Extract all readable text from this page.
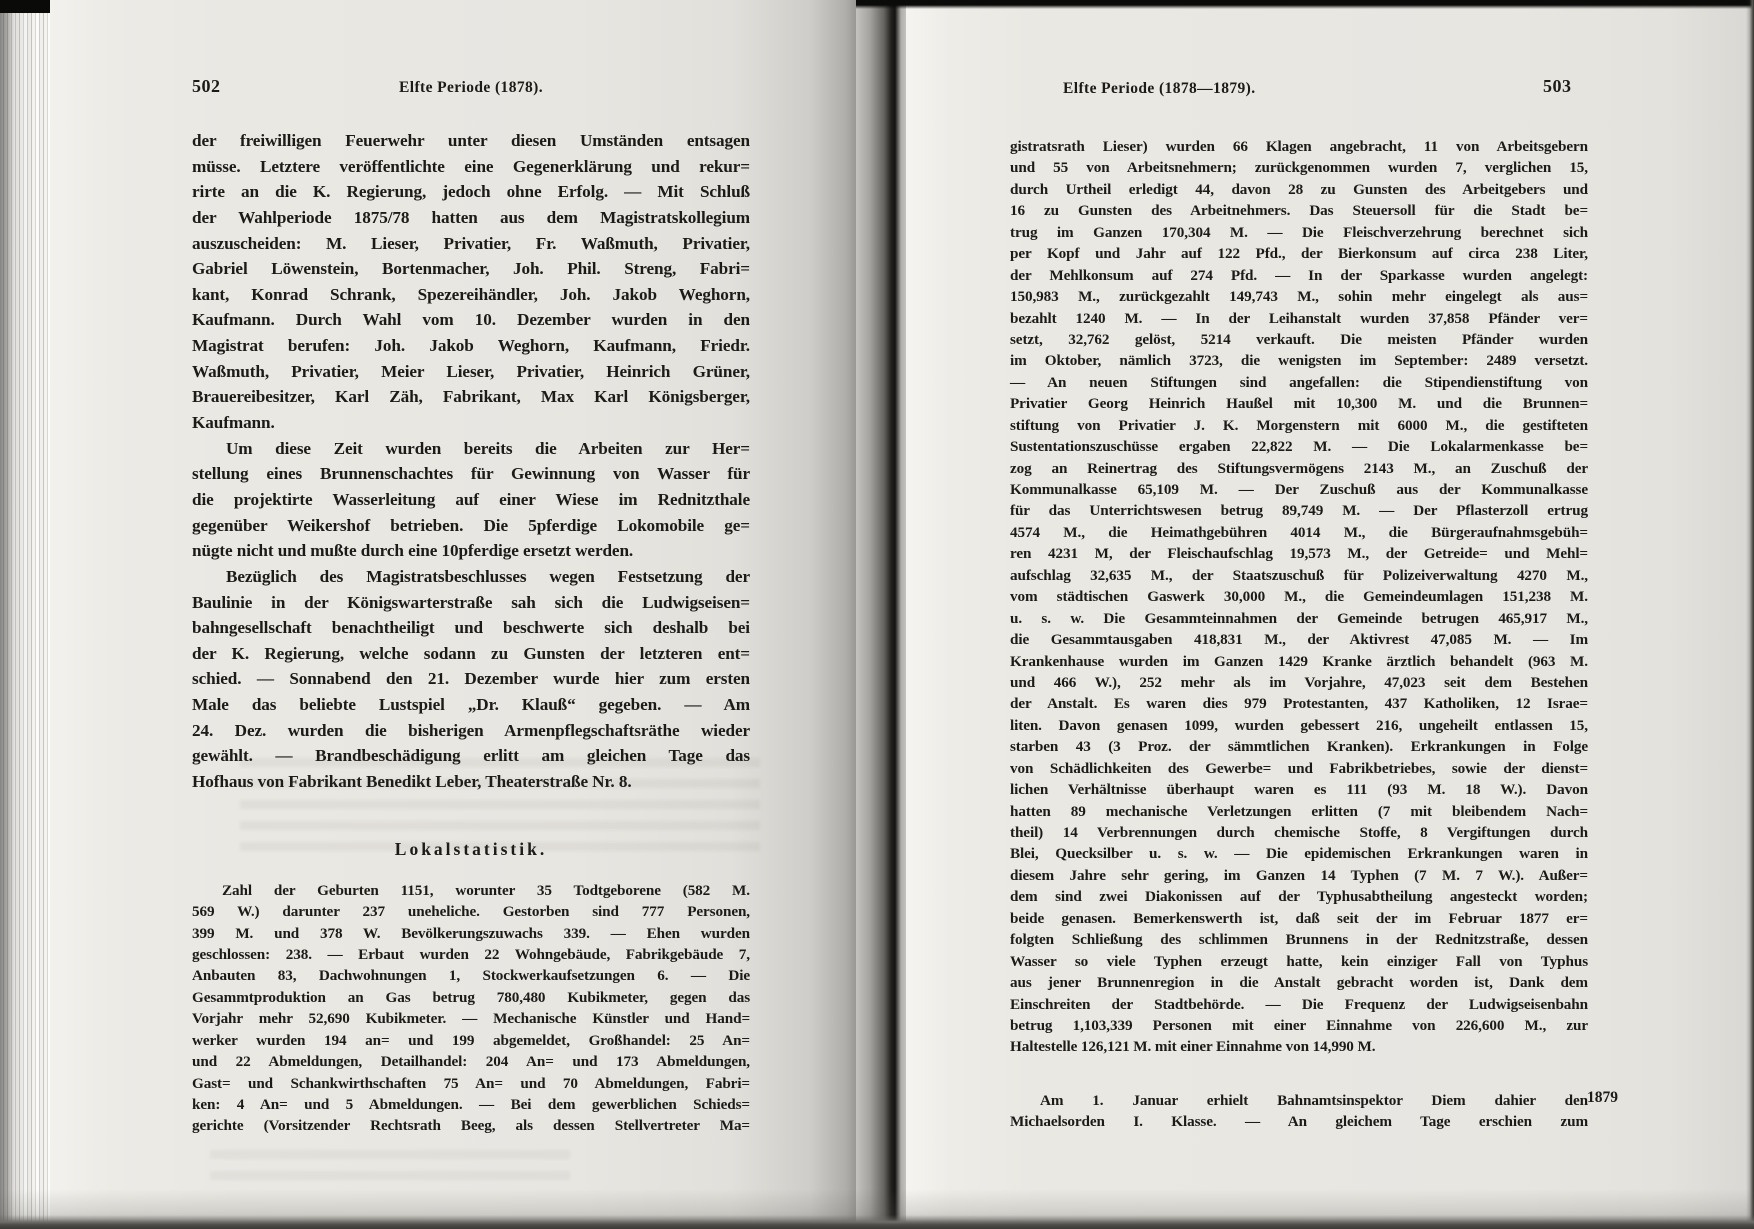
502	Elfte Periode (1878).
der freiwilligen Feuerwehr unter diesen Umständen entsagen
müsse. Letztere veröffentlichte eine Gegenerklärung und rekur=
rirte an die K. Regierung, jedoch ohne Erfolg. — Mit Schluß
der Wahlperiode 1875/78 hatten aus dem Magistratskollegium
auszuscheiden: M. Lieser, Privatier, Fr. Waßmuth, Privatier,
Gabriel Löwenstein, Bortenmacher, Joh. Phil. Streng, Fabri=
kant, Konrad Schrank, Spezereihändler, Joh. Jakob Weghorn,
Kaufmann. Durch Wahl vom 10. Dezember wurden in den
Magistrat berufen: Joh. Jakob Weghorn, Kaufmann, Friedr.
Waßmuth, Privatier, Meier Lieser, Privatier, Heinrich Grüner,
Brauereibesitzer, Karl Zäh, Fabrikant, Max Karl Königsberger,
Kaufmann.
Um diese Zeit wurden bereits die Arbeiten zur Her=
stellung eines Brunnenschachtes für Gewinnung von Wasser für
die projektirte Wasserleitung auf einer Wiese im Rednitzthale
gegenüber Weikershof betrieben. Die 5pferdige Lokomobile ge=
nügte nicht und mußte durch eine 10pferdige ersetzt werden.
Bezüglich des Magistratsbeschlusses wegen Festsetzung der
Baulinie in der Königswarterstraße sah sich die Ludwigseisen=
bahngesellschaft benachtheiligt und beschwerte sich deshalb bei
der K. Regierung, welche sodann zu Gunsten der letzteren ent=
schied. — Sonnabend den 21. Dezember wurde hier zum ersten
Male das beliebte Lustspiel „Dr. Klauß“ gegeben. — Am
24. Dez. wurden die bisherigen Armenpflegschaftsräthe wieder
gewählt. — Brandbeschädigung erlitt am gleichen Tage das
Hofhaus von Fabrikant Benedikt Leber, Theaterstraße Nr. 8.
Lokalstatistik.
Zahl der Geburten 1151, worunter 35 Todtgeborene (582 M.
569 W.) darunter 237 uneheliche. Gestorben sind 777 Personen,
399 M. und 378 W. Bevölkerungszuwachs 339. — Ehen wurden
geschlossen: 238. — Erbaut wurden 22 Wohngebäude, Fabrikgebäude 7,
Anbauten 83, Dachwohnungen 1, Stockwerkaufsetzungen 6. — Die
Gesammtproduktion an Gas betrug 780,480 Kubikmeter, gegen das
Vorjahr mehr 52,690 Kubikmeter. — Mechanische Künstler und Hand=
werker wurden 194 an= und 199 abgemeldet, Großhandel: 25 An=
und 22 Abmeldungen, Detailhandel: 204 An= und 173 Abmeldungen,
Gast= und Schankwirthschaften 75 An= und 70 Abmeldungen, Fabri=
ken: 4 An= und 5 Abmeldungen. — Bei dem gewerblichen Schieds=
gerichte (Vorsitzender Rechtsrath Beeg, als dessen Stellvertreter Ma=
Elfte Periode (1878—1879).	503
gistratsrath Lieser) wurden 66 Klagen angebracht, 11 von Arbeitsgebern
und 55 von Arbeitsnehmern; zurückgenommen wurden 7, verglichen 15,
durch Urtheil erledigt 44, davon 28 zu Gunsten des Arbeitgebers und
16 zu Gunsten des Arbeitnehmers. Das Steuersoll für die Stadt be=
trug im Ganzen 170,304 M. — Die Fleischverzehrung berechnet sich
per Kopf und Jahr auf 122 Pfd., der Bierkonsum auf circa 238 Liter,
der Mehlkonsum auf 274 Pfd. — In der Sparkasse wurden angelegt:
150,983 M., zurückgezahlt 149,743 M., sohin mehr eingelegt als aus=
bezahlt 1240 M. — In der Leihanstalt wurden 37,858 Pfänder ver=
setzt, 32,762 gelöst, 5214 verkauft. Die meisten Pfänder wurden
im Oktober, nämlich 3723, die wenigsten im September: 2489 versetzt.
— An neuen Stiftungen sind angefallen: die Stipendienstiftung von
Privatier Georg Heinrich Haußel mit 10,300 M. und die Brunnen=
stiftung von Privatier J. K. Morgenstern mit 6000 M., die gestifteten
Sustentationszuschüsse ergaben 22,822 M. — Die Lokalarmenkasse be=
zog an Reinertrag des Stiftungsvermögens 2143 M., an Zuschuß der
Kommunalkasse 65,109 M. — Der Zuschuß aus der Kommunalkasse
für das Unterrichtswesen betrug 89,749 M. — Der Pflasterzoll ertrug
4574 M., die Heimathgebühren 4014 M., die Bürgeraufnahmsgebüh=
ren 4231 M, der Fleischaufschlag 19,573 M., der Getreide= und Mehl=
aufschlag 32,635 M., der Staatszuschuß für Polizeiverwaltung 4270 M.,
vom städtischen Gaswerk 30,000 M., die Gemeindeumlagen 151,238 M.
u. s. w. Die Gesammteinnahmen der Gemeinde betrugen 465,917 M.,
die Gesammtausgaben 418,831 M., der Aktivrest 47,085 M. — Im
Krankenhause wurden im Ganzen 1429 Kranke ärztlich behandelt (963 M.
und 466 W.), 252 mehr als im Vorjahre, 47,023 seit dem Bestehen
der Anstalt. Es waren dies 979 Protestanten, 437 Katholiken, 12 Israe=
liten. Davon genasen 1099, wurden gebessert 216, ungeheilt entlassen 15,
starben 43 (3 Proz. der sämmtlichen Kranken). Erkrankungen in Folge
von Schädlichkeiten des Gewerbe= und Fabrikbetriebes, sowie der dienst=
lichen Verhältnisse überhaupt waren es 111 (93 M. 18 W.). Davon
hatten 89 mechanische Verletzungen erlitten (7 mit bleibendem Nach=
theil) 14 Verbrennungen durch chemische Stoffe, 8 Vergiftungen durch
Blei, Quecksilber u. s. w. — Die epidemischen Erkrankungen waren in
diesem Jahre sehr gering, im Ganzen 14 Typhen (7 M. 7 W.). Außer=
dem sind zwei Diakonissen auf der Typhusabtheilung angesteckt worden;
beide genasen. Bemerkenswerth ist, daß seit der im Februar 1877 er=
folgten Schließung des schlimmen Brunnens in der Rednitzstraße, dessen
Wasser so viele Typhen erzeugt hatte, kein einziger Fall von Typhus
aus jener Brunnenregion in die Anstalt gebracht worden ist, Dank dem
Einschreiten der Stadtbehörde. — Die Frequenz der Ludwigseisenbahn
betrug 1,103,339 Personen mit einer Einnahme von 226,600 M., zur
Haltestelle 126,121 M. mit einer Einnahme von 14,990 M.
Am 1. Januar erhielt Bahnamtsinspektor Diem dahier den
Michaelsorden I. Klasse. — An gleichem Tage erschien zum
1879
